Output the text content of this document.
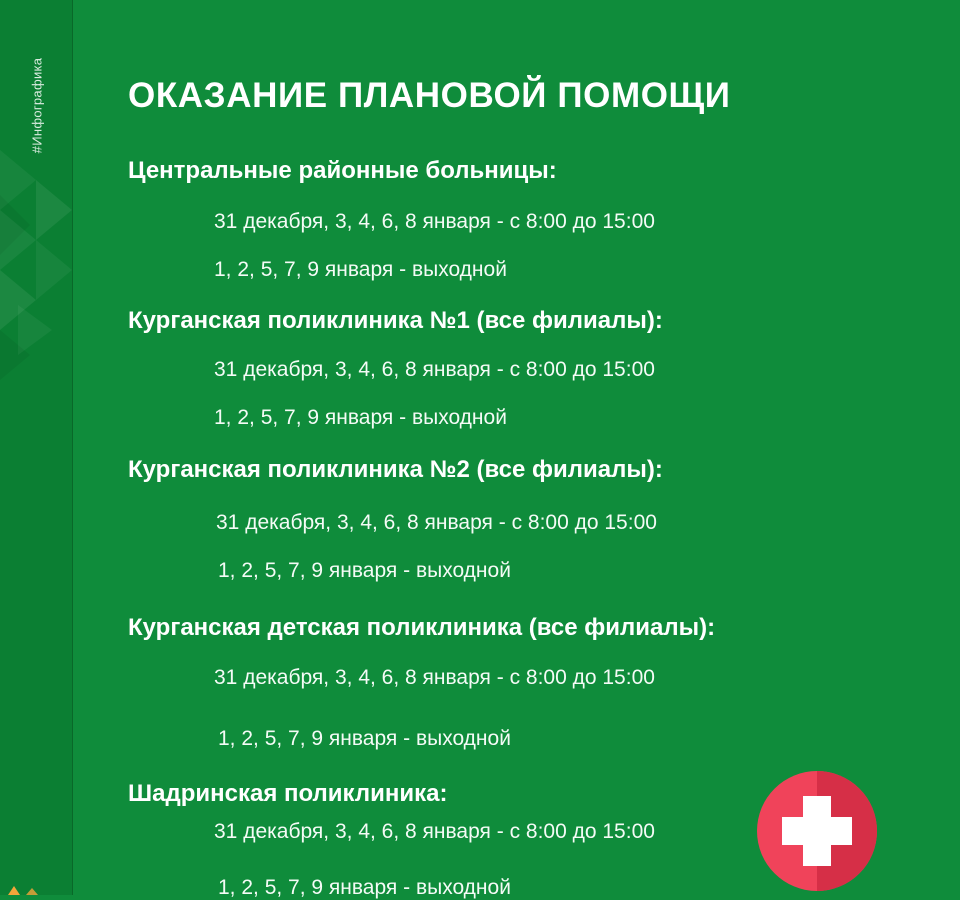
#Инфографика ОКАЗАНИЕ ПЛАНОВОЙ ПОМОЩИ
Центральные районные больницы:
31 декабря, 3, 4, 6, 8 января - с 8:00 до 15:00
1, 2, 5, 7, 9 января - выходной
Курганская поликлиника №1 (все филиалы):
31 декабря, 3, 4, 6, 8 января - с 8:00 до 15:00
1, 2, 5, 7, 9 января - выходной
Курганская поликлиника №2 (все филиалы):
31 декабря, 3, 4, 6, 8 января - с 8:00 до 15:00
1, 2, 5, 7, 9 января - выходной
Курганская детская поликлиника (все филиалы):
31 декабря, 3, 4, 6, 8 января - с 8:00 до 15:00
1, 2, 5, 7, 9 января - выходной
Шадринская поликлиника:
31 декабря, 3, 4, 6, 8 января - с 8:00 до 15:00
1, 2, 5, 7, 9 января - выходной
